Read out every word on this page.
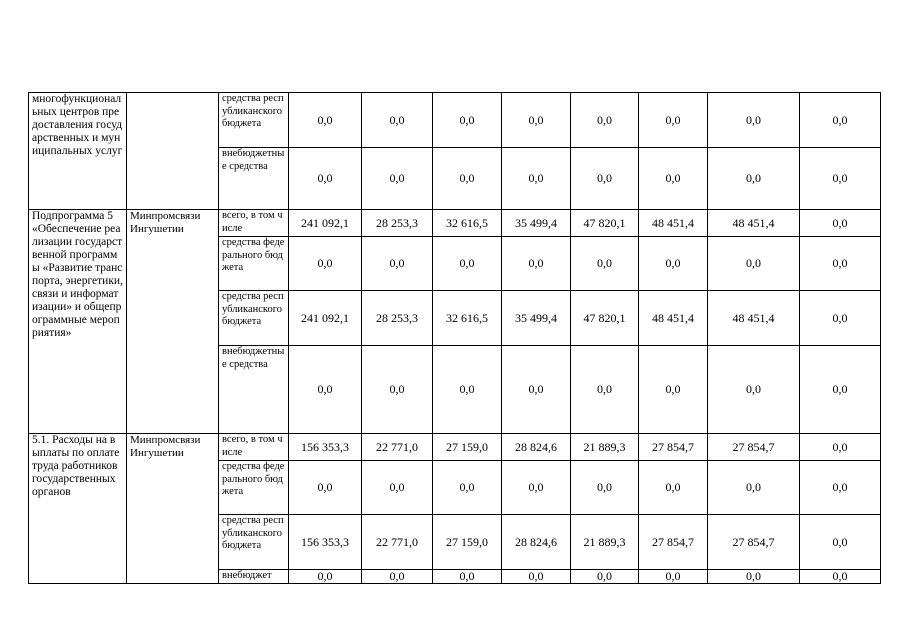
многофункциональных центров предоставления государственных и муниципальных услуг		средства республиканского бюджета	0,0	0,0	0,0	0,0	0,0	0,0	0,0	0,0
		внебюджетные средства	0,0	0,0	0,0	0,0	0,0	0,0	0,0	0,0
Подпрограмма 5 «Обеспечение реализации государственной программы «Развитие транспорта, энергетики, связи и информатизации» и общепрограммные мероприятия»	Минпромсвязи Ингушетии	всего, в том числе	241 092,1	28 253,3	32 616,5	35 499,4	47 820,1	48 451,4	48 451,4	0,0
		средства федерального бюджета	0,0	0,0	0,0	0,0	0,0	0,0	0,0	0,0
		средства республиканского бюджета	241 092,1	28 253,3	32 616,5	35 499,4	47 820,1	48 451,4	48 451,4	0,0
		внебюджетные средства	0,0	0,0	0,0	0,0	0,0	0,0	0,0	0,0
5.1. Расходы на выплаты по оплате труда работников государственных органов	Минпромсвязи Ингушетии	всего, в том числе	156 353,3	22 771,0	27 159,0	28 824,6	21 889,3	27 854,7	27 854,7	0,0
		средства федерального бюджета	0,0	0,0	0,0	0,0	0,0	0,0	0,0	0,0
		средства республиканского бюджета	156 353,3	22 771,0	27 159,0	28 824,6	21 889,3	27 854,7	27 854,7	0,0
		внебюджет	0,0	0,0	0,0	0,0	0,0	0,0	0,0	0,0
